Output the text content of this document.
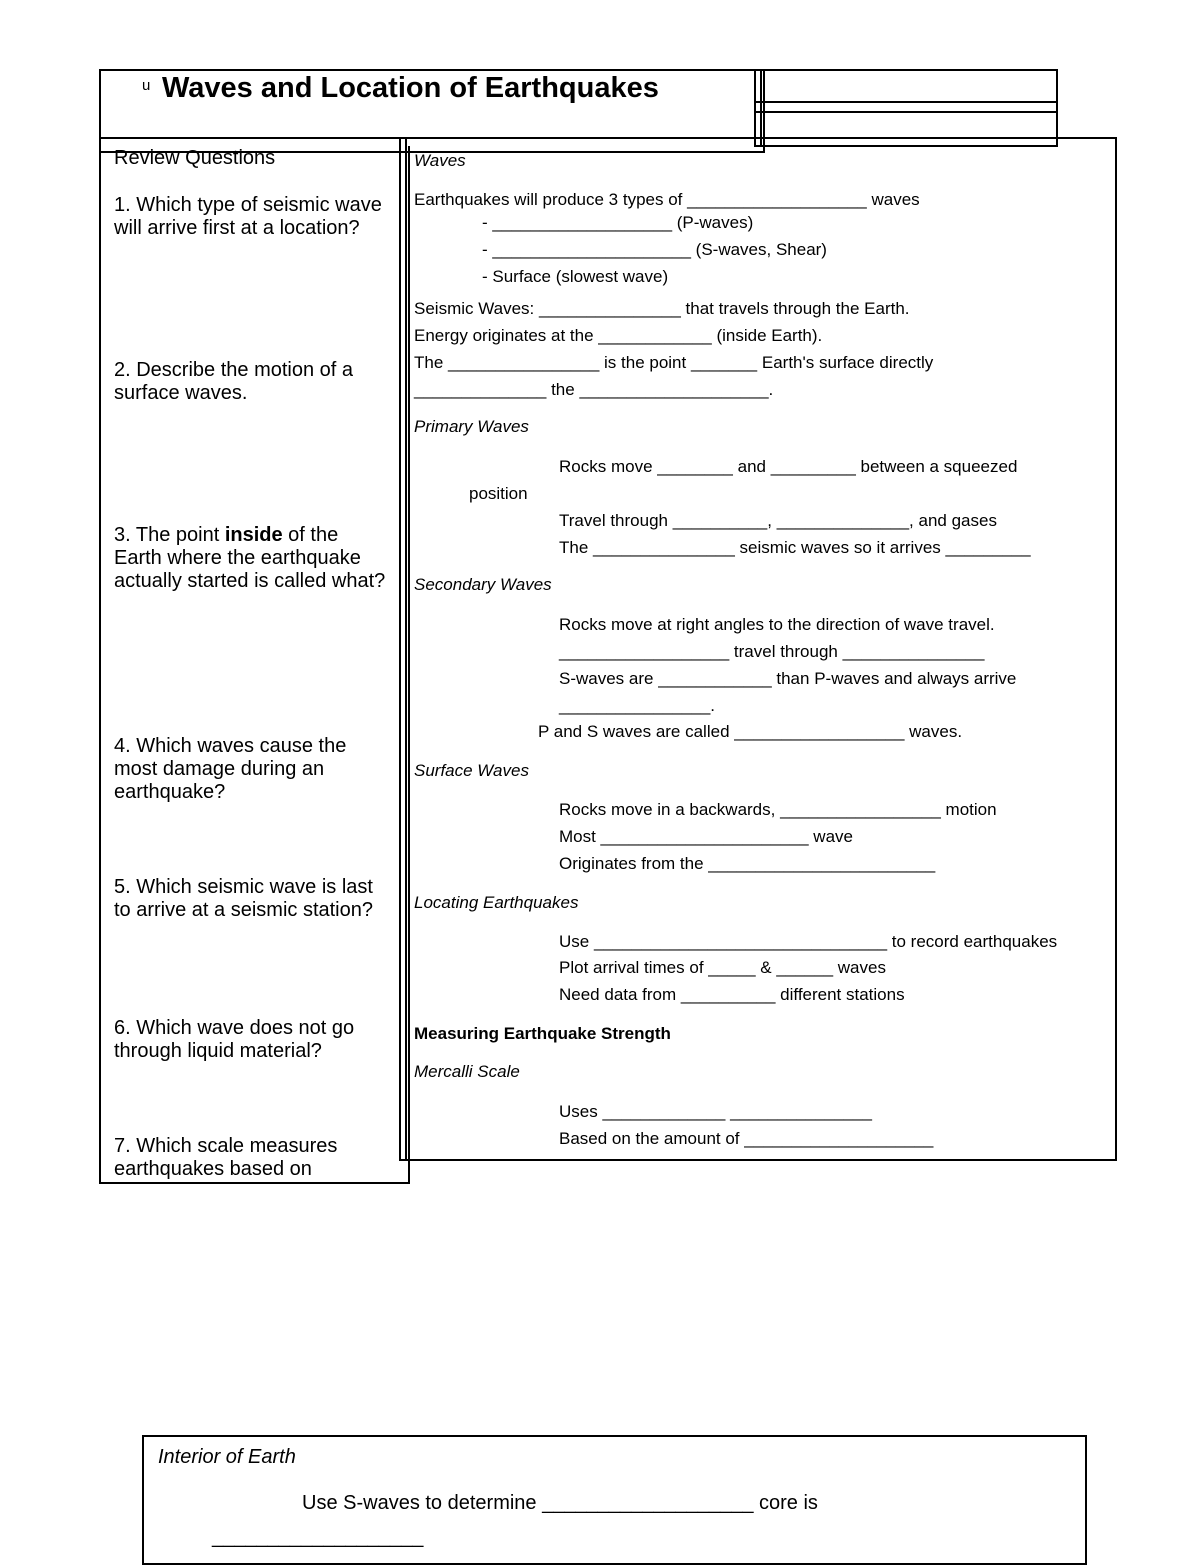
u Waves and Location of Earthquakes
Review Questions
1. Which type of seismic wave will arrive first at a location?
2. Describe the motion of a surface waves.
3. The point inside of the Earth where the earthquake actually started is called what?
4. Which waves cause the most damage during an earthquake?
5. Which seismic wave is last to arrive at a seismic station?
6. Which wave does not go through liquid material?
7. Which scale measures earthquakes based on
Waves
Earthquakes will produce 3 types of ___________________ waves
- ___________________ (P-waves)
- _____________________ (S-waves, Shear)
- Surface (slowest wave)
Seismic Waves: _______________ that travels through the Earth.
Energy originates at the ____________ (inside Earth).
The ________________ is the point _______ Earth's surface directly
______________ the ____________________.
Primary Waves
Rocks move ________ and _________ between a squeezed
position
Travel through __________, ______________, and gases
The _______________ seismic waves so it arrives _________
Secondary Waves
Rocks move at right angles to the direction of wave travel.
__________________ travel through _______________
S-waves are ____________ than P-waves and always arrive
________________.
P and S waves are called __________________ waves.
Surface Waves
Rocks move in a backwards, _________________ motion
Most ______________________ wave
Originates from the ________________________
Locating Earthquakes
Use _______________________________ to record earthquakes
Plot arrival times of _____ & ______ waves
Need data from __________ different stations
Measuring Earthquake Strength
Mercalli Scale
Uses _____________ _______________
Based on the amount of ____________________
Interior of Earth
Use S-waves to determine ___________________ core is
___________________
